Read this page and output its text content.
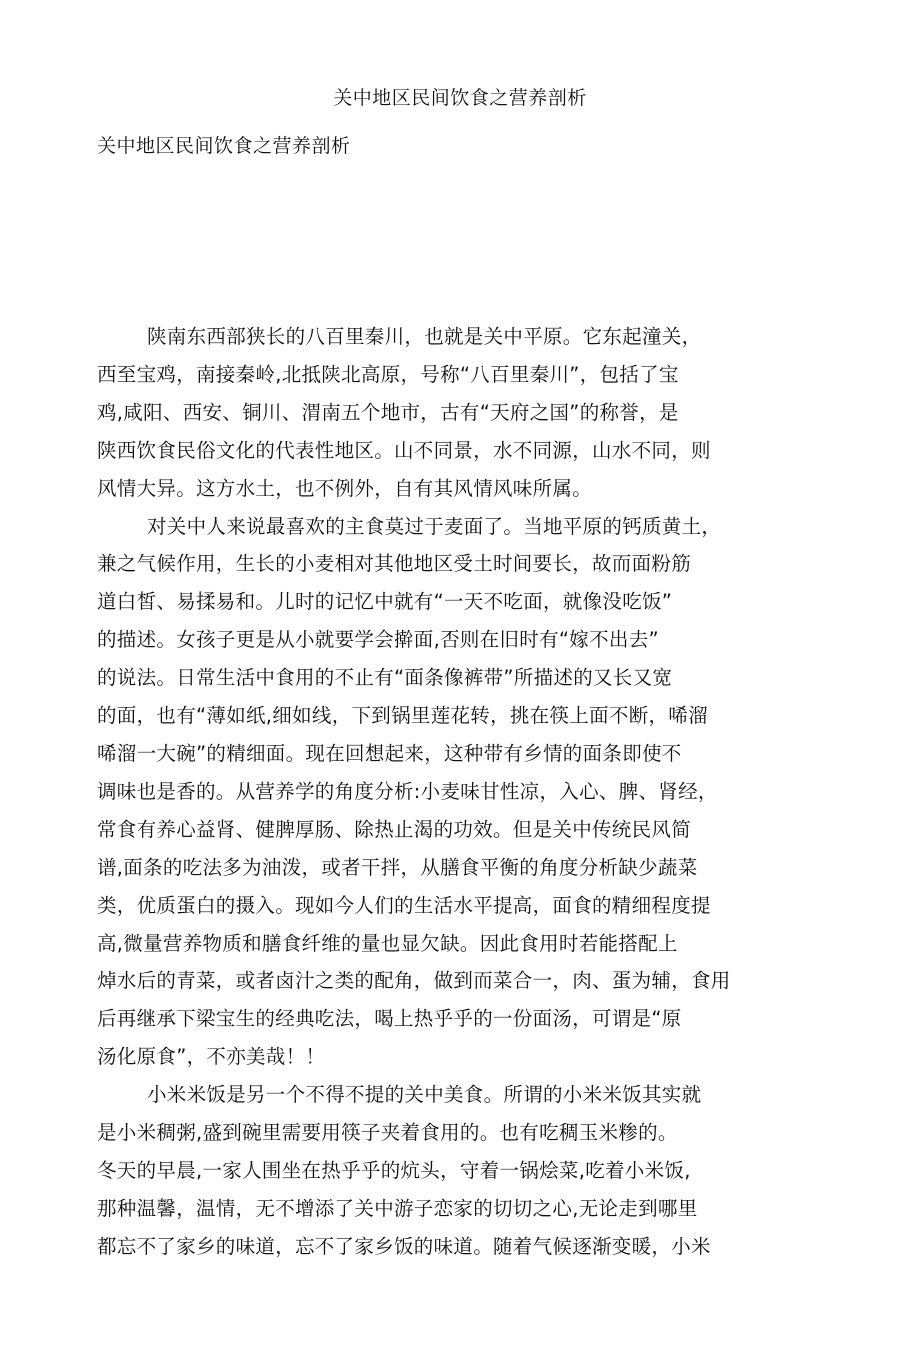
关中地区民间饮食之营养剖析
关中地区民间饮食之营养剖析

陕南东西部狭长的八百里秦川，也就是关中平原。它东起潼关，
西至宝鸡，南接秦岭,北抵陕北高原，号称“八百里秦川”，包括了宝
鸡,咸阳、西安、铜川、渭南五个地市，古有“天府之国”的称誉，是
陕西饮食民俗文化的代表性地区。山不同景，水不同源，山水不同，则
风情大异。这方水土，也不例外，自有其风情风味所属。

对关中人来说最喜欢的主食莫过于麦面了。当地平原的钙质黄土，
兼之气候作用，生长的小麦相对其他地区受土时间要长，故而面粉筋
道白皙、易揉易和。儿时的记忆中就有“一天不吃面，就像没吃饭”
的描述。女孩子更是从小就要学会擀面,否则在旧时有“嫁不出去”
的说法。日常生活中食用的不止有“面条像裤带”所描述的又长又宽
的面，也有“薄如纸,细如线，下到锅里莲花转，挑在筷上面不断，唏溜
唏溜一大碗”的精细面。现在回想起来，这种带有乡情的面条即使不
调味也是香的。从营养学的角度分析:小麦味甘性凉，入心、脾、肾经，
常食有养心益肾、健脾厚肠、除热止渴的功效。但是关中传统民风简
谱,面条的吃法多为油泼，或者干拌，从膳食平衡的角度分析缺少蔬菜
类，优质蛋白的摄入。现如今人们的生活水平提高，面食的精细程度提
高,微量营养物质和膳食纤维的量也显欠缺。因此食用时若能搭配上
焯水后的青菜，或者卤汁之类的配角，做到而菜合一，肉、蛋为辅，食用
后再继承下梁宝生的经典吃法，喝上热乎乎的一份面汤，可谓是“原
汤化原食”，不亦美哉！！

小米米饭是另一个不得不提的关中美食。所谓的小米米饭其实就
是小米稠粥,盛到碗里需要用筷子夹着食用的。也有吃稠玉米糁的。
冬天的早晨,一家人围坐在热乎乎的炕头，守着一锅烩菜,吃着小米饭,
那种温馨，温情，无不增添了关中游子恋家的切切之心,无论走到哪里
都忘不了家乡的味道，忘不了家乡饭的味道。随着气候逐渐变暖，小米
